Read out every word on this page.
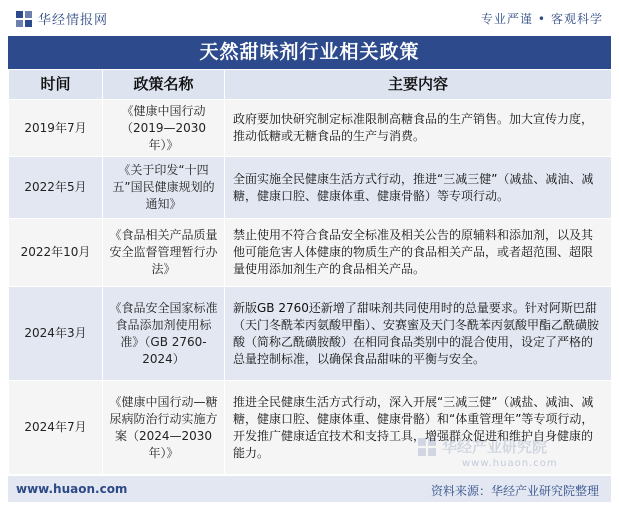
华经情报网	专业严谨 • 客观科学
天然甜味剂行业相关政策
时间	政策名称	主要内容
2019年7月	《健康中国行动（2019—2030年）》	政府要加快研究制定标准限制高糖食品的生产销售。加大宣传力度，推动低糖或无糖食品的生产与消费。
2022年5月	《关于印发“十四五”国民健康规划的通知》	全面实施全民健康生活方式行动，推进“三减三健”（减盐、减油、减糖，健康口腔、健康体重、健康骨骼）等专项行动。
2022年10月	《食品相关产品质量安全监督管理暂行办法》	禁止使用不符合食品安全标准及相关公告的原辅料和添加剂，以及其他可能危害人体健康的物质生产的食品相关产品，或者超范围、超限量使用添加剂生产的食品相关产品。
2024年3月	《食品安全国家标准食品添加剂使用标准》（GB 2760-2024）	新版GB 2760还新增了甜味剂共同使用时的总量要求。针对阿斯巴甜（天门冬酰苯丙氨酸甲酯）、安赛蜜及天门冬酰苯丙氨酸甲酯乙酰磺胺酸（简称乙酰磺胺酸）在相同食品类别中的混合使用，设定了严格的总量控制标准，以确保食品甜味的平衡与安全。
2024年7月	《健康中国行动—糖尿病防治行动实施方案（2024—2030年）》	推进全民健康生活方式行动，深入开展“三减三健”（减盐、减油、减糖，健康口腔、健康体重、健康骨骼）和“体重管理年”等专项行动，开发推广健康适宜技术和支持工具，增强群众促进和维护自身健康的能力。
www.huaon.com
www.huaon.com	资料来源：华经产业研究院整理
